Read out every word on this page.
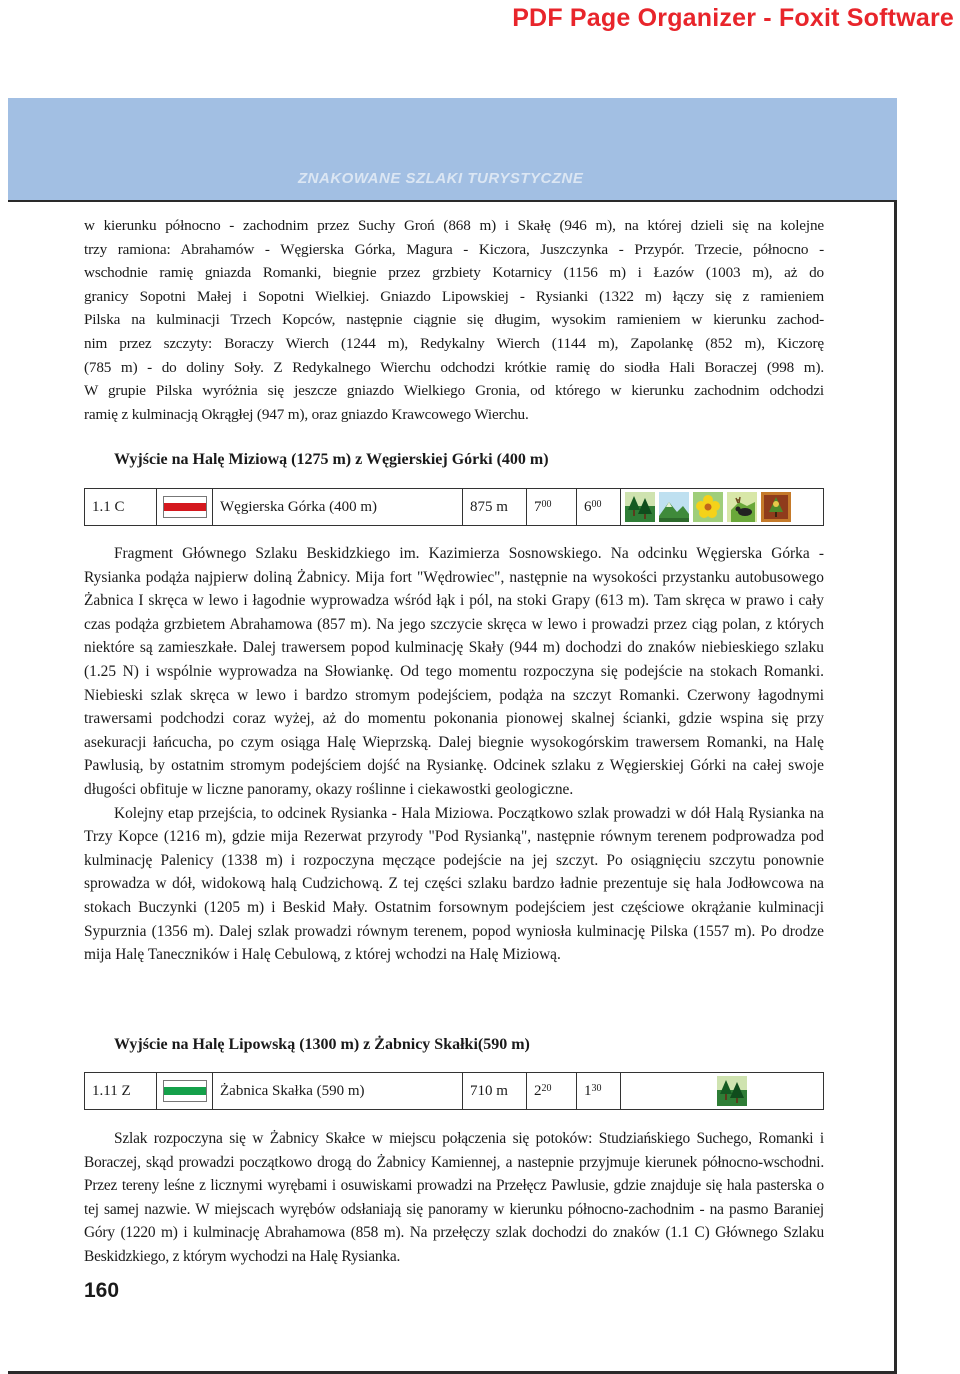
PDF Page Organizer - Foxit Software
ZNAKOWANE SZLAKI TURYSTYCZNE
w kierunku północno - zachodnim przez Suchy Groń (868 m) i Skałę (946 m), na której dzieli się na kolejne
trzy ramiona: Abrahamów - Węgierska Górka, Magura - Kiczora, Juszczynka - Przypór. Trzecie, północno -
wschodnie ramię gniazda Romanki, biegnie przez grzbiety Kotarnicy (1156 m) i Łazów (1003 m), aż do
granicy Sopotni Małej i Sopotni Wielkiej. Gniazdo Lipowskiej - Rysianki (1322 m) łączy się z ramieniem
Pilska na kulminacji Trzech Kopców, następnie ciągnie się długim, wysokim ramieniem w kierunku zachod-
nim przez szczyty: Boraczy Wierch (1244 m), Redykalny Wierch (1144 m), Zapolankę (852 m), Kiczorę
(785 m) - do doliny Soły. Z Redykalnego Wierchu odchodzi krótkie ramię do siodła Hali Boraczej (998 m).
W grupie Pilska wyróżnia się jeszcze gniazdo Wielkiego Gronia, od którego w kierunku zachodnim odchodzi
ramię z kulminacją Okrągłej (947 m), oraz gniazdo Krawcowego Wierchu.
Wyjście na Halę Miziową (1275 m) z Węgierskiej Górki (400 m)
1.1 C	Węgierska Górka (400 m)	875 m	$7^{00}$ $6^{00}$

Fragment Głównego Szlaku Beskidzkiego im. Kazimierza Sosnowskiego. Na odcinku Węgierska Górka - Rysianka podąża najpierw doliną Żabnicy. Mija fort "Wędrowiec", następnie na wysokości przystanku autobusowego Żabnica I skręca w lewo i łagodnie wyprowadza wśród łąk i pól, na stoki Grapy (613 m). Tam skręca w prawo i cały czas podąża grzbietem Abrahamowa (857 m). Na jego szczycie skręca w lewo i prowadzi przez ciąg polan, z których niektóre są zamieszkałe. Dalej trawersem popod kulminację Skały (944 m) dochodzi do znaków niebieskiego szlaku (1.25 N) i wspólnie wyprowadza na Słowiankę. Od tego momentu rozpoczyna się podejście na stokach Romanki. Niebieski szlak skręca w lewo i bardzo stromym podejściem, podąża na szczyt Romanki. Czerwony łagodnymi trawersami podchodzi coraz wyżej, aż do momentu pokonania pionowej skalnej ścianki, gdzie wspina się przy asekuracji łańcucha, po czym osiąga Halę Wieprzską. Dalej biegnie wysokogórskim trawersem Romanki, na Halę Pawlusią, by ostatnim stromym podejściem dojść na Rysiankę. Odcinek szlaku z Węgierskiej Górki na całej swoje długości obfituje w liczne panoramy, okazy roślinne i ciekawostki geologiczne.

Kolejny etap przejścia, to odcinek Rysianka - Hala Miziowa. Początkowo szlak prowadzi w dół Halą Rysianka na Trzy Kopce (1216 m), gdzie mija Rezerwat przyrody "Pod Rysianką", następnie równym terenem podprowadza pod kulminację Palenicy (1338 m) i rozpoczyna męczące podejście na jej szczyt. Po osiągnięciu szczytu ponownie sprowadza w dół, widokową halą Cudzichową. Z tej części szlaku bardzo ładnie prezentuje się hala Jodłowcowa na stokach Buczynki (1205 m) i Beskid Mały. Ostatnim forsownym podejściem jest częściowe okrążanie kulminacji Sypurznia (1356 m). Dalej szlak prowadzi równym terenem, popod wyniosła kulminację Pilska (1557 m). Po drodze mija Halę Taneczników i Halę Cebulową, z której wchodzi na Halę Miziową.

Wyjście na Halę Lipowską (1300 m) z Żabnicy Skałki(590 m)
1.11 Z	Żabnica Skałka (590 m)	710 m	$2^{20}$ $1^{30}$

Szlak rozpoczyna się w Żabnicy Skałce w miejscu połączenia się potoków: Studziańskiego Suchego, Romanki i Boraczej, skąd prowadzi początkowo drogą do Żabnicy Kamiennej, a nastepnie przyjmuje kierunek północno-wschodni. Przez tereny leśne z licznymi wyrębami i osuwiskami prowadzi na Przełęcz Pawlusie, gdzie znajduje się hala pasterska o tej samej nazwie. W miejscach wyrębów odsłaniają się panoramy w kierunku północno-zachodnim - na pasmo Baraniej Góry (1220 m) i kulminację Abrahamowa (858 m). Na przełęczy szlak dochodzi do znaków (1.1 C) Głównego Szlaku Beskidzkiego, z którym wychodzi na Halę Rysianka.

160
